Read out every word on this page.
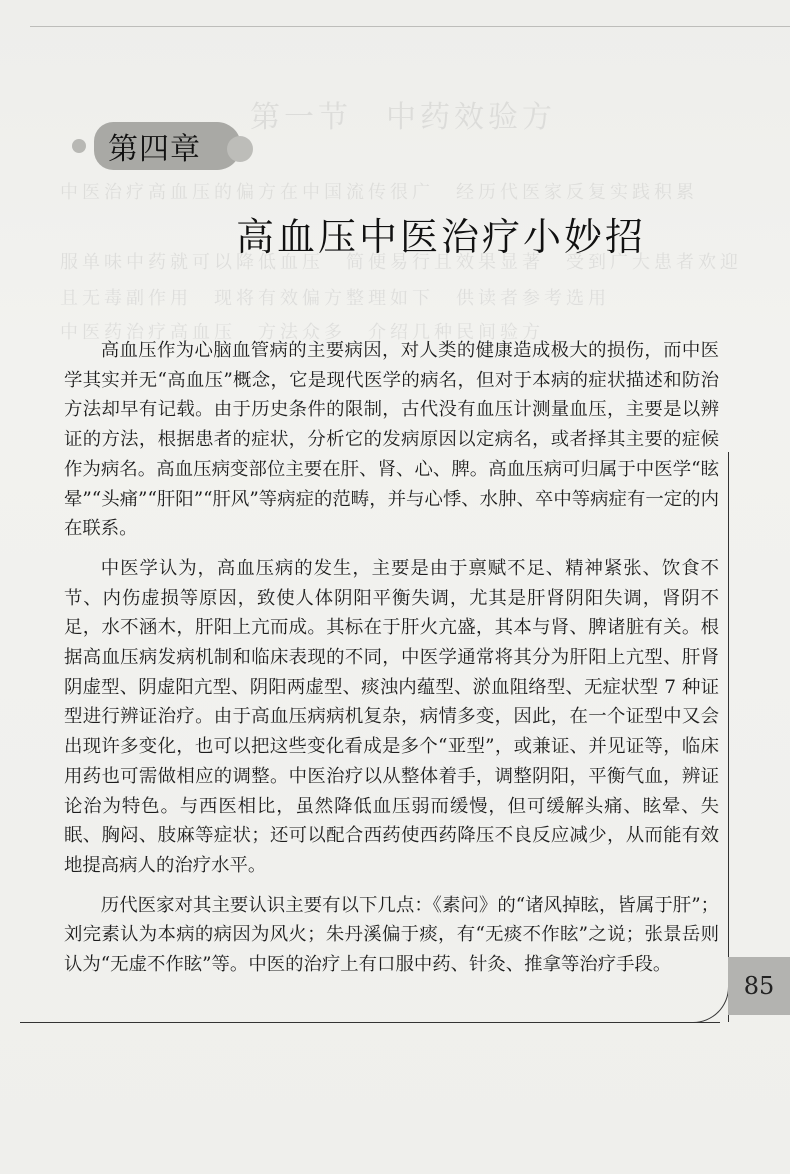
第一节　中药效验方
中医治疗高血压的偏方在中国流传很广　经历代医家反复实践积累
服单味中药就可以降低血压　简便易行且效果显著　受到广大患者欢迎
且无毒副作用　现将有效偏方整理如下　供读者参考选用
中医药治疗高血压　方法众多　介绍几种民间验方
第四章
高血压中医治疗小妙招

高血压作为心脑血管病的主要病因，对人类的健康造成极大的损伤，而中医学其实并无“高血压”概念，它是现代医学的病名，但对于本病的症状描述和防治方法却早有记载。由于历史条件的限制，古代没有血压计测量血压，主要是以辨证的方法，根据患者的症状，分析它的发病原因以定病名，或者择其主要的症候作为病名。高血压病变部位主要在肝、肾、心、脾。高血压病可归属于中医学“眩晕”“头痛”“肝阳”“肝风”等病症的范畴，并与心悸、水肿、卒中等病症有一定的内在联系。

中医学认为，高血压病的发生，主要是由于禀赋不足、精神紧张、饮食不节、内伤虚损等原因，致使人体阴阳平衡失调，尤其是肝肾阴阳失调，肾阴不足，水不涵木，肝阳上亢而成。其标在于肝火亢盛，其本与肾、脾诸脏有关。根据高血压病发病机制和临床表现的不同，中医学通常将其分为肝阳上亢型、肝肾阴虚型、阴虚阳亢型、阴阳两虚型、痰浊内蕴型、淤血阻络型、无症状型 7 种证型进行辨证治疗。由于高血压病病机复杂，病情多变，因此，在一个证型中又会出现许多变化，也可以把这些变化看成是多个“亚型”，或兼证、并见证等，临床用药也可需做相应的调整。中医治疗以从整体着手，调整阴阳，平衡气血，辨证论治为特色。与西医相比，虽然降低血压弱而缓慢，但可缓解头痛、眩晕、失眠、胸闷、肢麻等症状；还可以配合西药使西药降压不良反应减少，从而能有效地提高病人的治疗水平。

历代医家对其主要认识主要有以下几点：《素问》的“诸风掉眩，皆属于肝”；刘完素认为本病的病因为风火；朱丹溪偏于痰，有“无痰不作眩”之说；张景岳则认为“无虚不作眩”等。中医的治疗上有口服中药、针灸、推拿等治疗手段。

85
